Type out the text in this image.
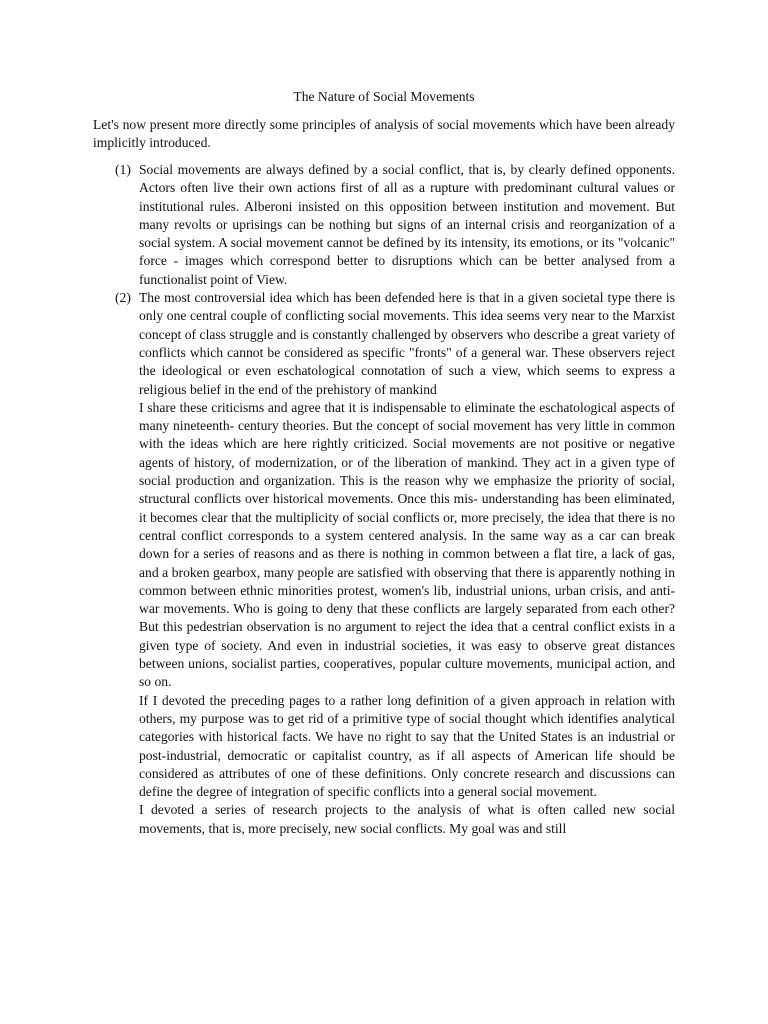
The Nature of Social Movements

Let's now present more directly some principles of analysis of social movements which have been already implicitly introduced.

(1) Social movements are always defined by a social conflict, that is, by clearly defined opponents. Actors often live their own actions first of all as a rupture with predominant cultural values or institutional rules. Alberoni insisted on this opposition between institution and movement. But many revolts or uprisings can be nothing but signs of an internal crisis and reorganization of a social system. A social movement cannot be defined by its intensity, its emotions, or its "volcanic" force - images which correspond better to disruptions which can be better analysed from a functionalist point of View.

(2) The most controversial idea which has been defended here is that in a given societal type there is only one central couple of conflicting social movements. This idea seems very near to the Marxist concept of class struggle and is constantly challenged by observers who describe a great variety of conflicts which cannot be considered as specific "fronts" of a general war. These observers reject the ideological or even eschatological connotation of such a view, which seems to express a religious belief in the end of the prehistory of mankind

I share these criticisms and agree that it is indispensable to eliminate the eschatological aspects of many nineteenth- century theories. But the concept of social movement has very little in common with the ideas which are here rightly criticized. Social movements are not positive or negative agents of history, of modernization, or of the liberation of mankind. They act in a given type of social production and organization. This is the reason why we emphasize the priority of social, structural conflicts over historical movements. Once this mis- understanding has been eliminated, it becomes clear that the multiplicity of social conflicts or, more precisely, the idea that there is no central conflict corresponds to a system centered analysis. In the same way as a car can break down for a series of reasons and as there is nothing in common between a flat tire, a lack of gas, and a broken gearbox, many people are satisfied with observing that there is apparently nothing in common between ethnic minorities protest, women's lib, industrial unions, urban crisis, and anti-war movements. Who is going to deny that these conflicts are largely separated from each other? But this pedestrian observation is no argument to reject the idea that a central conflict exists in a given type of society. And even in industrial societies, it was easy to observe great distances between unions, socialist parties, cooperatives, popular culture movements, municipal action, and so on.

If I devoted the preceding pages to a rather long definition of a given approach in relation with others, my purpose was to get rid of a primitive type of social thought which identifies analytical categories with historical facts. We have no right to say that the United States is an industrial or post-industrial, democratic or capitalist country, as if all aspects of American life should be considered as attributes of one of these definitions. Only concrete research and discussions can define the degree of integration of specific conflicts into a general social movement.

I devoted a series of research projects to the analysis of what is often called new social movements, that is, more precisely, new social conflicts. My goal was and still
